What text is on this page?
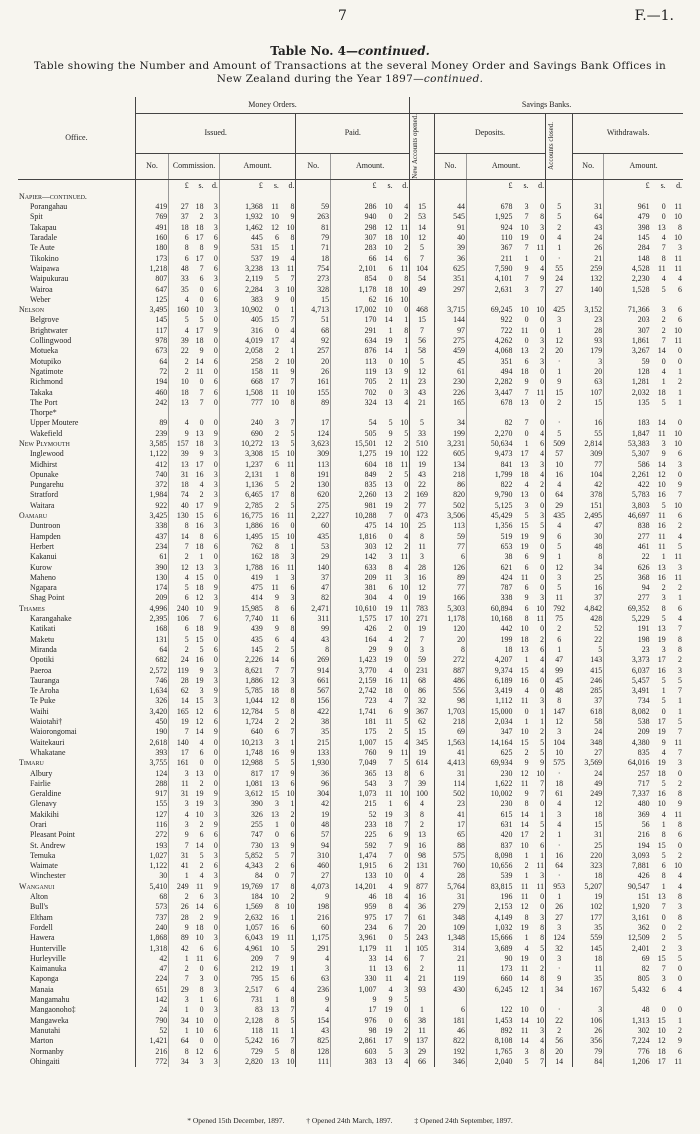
7	F.—1.
Table No. 4—continued.
Table showing the Number and Amount of Transactions at the several Money Order and Savings Bank Offices in New Zealand during the Year 1897—continued.
Office.	Money Orders.											Savings Banks.									
	Issued.							Paid.				New Accounts opened.	Deposits.				Accounts closed.	Withdrawals.			
	No.	Commission.			Amount.			No.	Amount.				No.	Amount.				No.	Amount.		
		£	s.	d.	£	s.	d.		£	s.	d.			£	s.	d.			£	s.	d.
Napier—continued.																					
Porangahau	419	27	18	3	1,368	11	8	59	286	10	4	15	44	678	3	0	5	31	961	0	11
Spit	769	37	2	3	1,932	10	9	263	940	0	2	53	545	1,925	7	8	5	64	479	0	10
Takapau	491	18	18	3	1,462	12	10	81	298	12	11	14	91	924	10	3	2	43	398	13	8
Taradale	160	6	17	6	445	6	8	79	307	18	10	12	40	110	19	0	4	24	145	4	10
Te Aute	180	8	8	9	531	15	1	71	283	10	2	5	39	367	7	11	1	26	284	7	3
Tikokino	173	6	17	0	537	19	4	18	66	14	6	7	36	211	1	0	·	21	148	8	11
Waipawa	1,218	48	7	6	3,238	13	11	754	2,101	6	11	104	625	7,590	9	4	55	259	4,528	11	11
Waipukurau	807	33	6	3	2,119	5	7	273	854	0	8	54	351	4,101	7	9	24	132	2,230	4	4
Wairoa	647	35	0	6	2,284	3	10	328	1,178	18	10	49	297	2,631	3	7	27	140	1,528	5	6
Weber	125	4	0	6	383	9	0	15	62	16	10										
Nelson	3,495	160	10	3	10,902	0	1	4,713	17,002	10	0	468	3,715	69,245	10	10	425	3,152	71,366	3	6
Belgrove	145	5	5	0	405	15	7	51	170	14	1	15	144	922	0	0	3	23	203	2	6
Brightwater	117	4	17	9	316	0	4	68	291	1	8	7	97	722	11	0	1	28	307	2	10
Collingwood	978	39	18	0	4,019	17	4	92	634	19	1	56	275	4,262	0	3	12	93	1,861	7	11
Motueka	673	22	9	0	2,058	2	1	257	876	14	1	58	459	4,068	13	2	20	179	3,267	14	0
Motupiko	64	2	14	6	258	2	10	20	113	0	10	5	45	351	6	3	·	3	59	0	0
Ngatimote	72	2	11	0	158	11	9	26	119	13	9	12	61	494	18	0	1	20	128	4	1
Richmond	194	10	0	6	668	17	7	161	705	2	11	23	230	2,282	9	0	9	63	1,281	1	2
Takaka	460	18	7	6	1,508	11	10	155	702	0	3	43	226	3,447	7	11	15	107	2,032	18	1
The Port	242	13	7	0	777	10	8	89	324	13	4	21	165	678	13	0	2	15	135	5	1
Thorpe*																					
Upper Moutere	89	4	0	0	240	3	7	17	54	5	10	5	34	82	7	0	·	16	183	14	0
Wakefield	239	9	13	9	690	2	5	124	505	9	5	33	199	2,270	0	4	5	55	1,847	11	10
New Plymouth	3,585	157	18	3	10,272	13	5	3,623	15,501	12	2	510	3,231	50,634	1	6	509	2,814	53,383	3	10
Inglewood	1,122	39	9	3	3,308	15	10	309	1,275	19	10	122	605	9,473	17	4	57	309	5,307	9	6
Midhirst	412	13	17	0	1,237	6	11	113	604	18	11	19	134	841	13	3	10	77	586	14	3
Opunake	740	31	16	3	2,131	1	8	191	849	2	5	43	218	1,799	18	4	16	104	2,261	12	0
Pungarehu	372	18	4	3	1,136	5	2	130	835	13	0	22	86	822	4	2	4	42	422	10	9
Stratford	1,984	74	2	3	6,465	17	8	620	2,260	13	2	169	820	9,790	13	0	64	378	5,783	16	7
Waitara	922	40	17	9	2,785	2	5	275	981	19	2	77	502	5,125	3	0	29	151	3,803	5	10
Oamaru	3,425	130	15	6	16,775	16	11	2,227	10,288	7	0	473	3,506	45,429	5	3	435	2,495	46,697	11	6
Duntroon	338	8	16	3	1,886	16	0	60	475	14	10	25	113	1,356	15	5	4	47	838	16	2
Hampden	437	14	8	6	1,495	15	10	435	1,816	0	4	8	59	519	19	9	6	30	277	11	4
Herbert	234	7	18	6	762	8	1	53	303	12	2	11	77	653	19	0	5	48	461	11	5
Kakanui	61	2	1	0	162	18	3	29	142	3	11	3	6	38	6	9	1	8	22	1	11
Kurow	390	12	13	3	1,788	16	11	140	633	8	4	28	126	621	6	0	12	34	626	13	3
Maheno	130	4	15	0	419	1	3	37	209	11	3	16	89	424	11	0	3	25	368	16	11
Ngapara	174	5	18	9	475	11	6	47	381	6	10	12	77	787	6	0	5	16	94	2	2
Shag Point	209	6	12	3	414	9	3	82	304	4	0	19	166	338	9	3	11	37	277	3	1
Thames	4,996	240	10	9	15,985	8	6	2,471	10,610	19	11	783	5,303	60,894	6	10	792	4,842	69,352	8	6
Karangahake	2,395	106	7	6	7,740	11	6	311	1,575	17	10	271	1,178	10,168	8	11	75	428	5,229	5	4
Katikati	168	6	18	9	439	9	8	99	426	2	0	19	120	442	10	0	2	52	191	13	7
Maketu	131	5	15	0	435	6	4	43	164	4	2	7	20	199	18	2	6	22	198	19	8
Miranda	64	2	5	6	145	2	5	8	29	9	0	3	8	18	13	6	1	5	23	3	8
Opotiki	682	24	16	0	2,226	14	6	269	1,423	19	0	59	272	4,207	1	4	47	143	3,373	17	2
Paeroa	2,572	119	9	3	8,621	7	7	914	3,770	4	0	231	887	9,374	15	4	99	415	6,037	16	3
Tauranga	746	28	19	3	1,886	12	3	661	2,159	16	11	68	486	6,189	16	0	45	246	5,457	5	5
Te Aroha	1,634	62	3	9	5,785	18	8	567	2,742	18	0	86	556	3,419	4	0	48	285	3,491	1	7
Te Puke	326	14	15	3	1,044	12	8	156	723	4	7	32	98	1,112	11	3	8	37	734	5	1
Waihi	3,420	165	12	6	12,784	5	8	422	1,741	6	9	367	1,703	15,000	0	1	147	618	8,082	0	1
Waiotahi†	450	19	12	6	1,724	2	2	38	181	11	5	62	218	2,034	1	1	12	58	538	17	5
Waiorongomai	190	7	14	9	640	6	7	35	175	2	5	15	69	347	10	2	3	24	209	19	7
Waitekauri	2,618	140	4	0	10,213	3	1	215	1,007	15	4	345	1,563	14,164	15	5	104	348	4,380	9	11
Whakatane	393	17	6	0	1,748	16	9	133	760	9	11	19	41	625	2	5	10	27	835	4	7
Timaru	3,755	161	0	0	12,988	5	5	1,930	7,049	7	5	614	4,413	69,934	9	9	575	3,569	64,016	19	3
Albury	124	3	13	0	817	17	9	36	365	13	8	6	31	230	12	10	·	24	257	18	0
Fairlie	288	11	2	0	1,081	13	6	96	543	3	7	39	114	1,622	11	7	18	49	717	5	2
Geraldine	917	31	19	9	3,612	15	10	304	1,073	11	10	100	502	10,002	9	7	61	249	7,337	16	8
Glenavy	155	3	19	3	390	3	1	42	215	1	6	4	23	230	8	0	4	12	480	10	9
Makikihi	127	4	10	3	326	13	2	19	52	19	3	8	41	615	14	1	3	18	369	4	11
Orari	116	3	2	9	255	1	0	48	233	18	7	2	17	631	14	5	4	15	56	1	8
Pleasant Point	272	9	6	6	747	0	6	57	225	6	9	13	65	420	17	2	1	31	216	8	6
St. Andrew	193	7	14	0	730	13	9	94	592	7	9	16	88	837	10	6	·	25	194	15	0
Temuka	1,027	31	5	3	5,852	5	7	310	1,474	7	0	98	575	8,098	1	1	16	220	3,093	5	2
Waimate	1,122	41	2	6	4,343	2	6	460	1,915	6	2	131	760	10,656	2	11	64	323	7,881	6	10
Winchester	30	1	4	3	84	0	7	27	133	10	0	4	28	539	1	3	·	18	426	8	4
Wanganui	5,410	249	11	9	19,769	17	8	4,073	14,201	4	9	877	5,764	83,815	11	11	953	5,207	90,547	1	4
Alton	68	2	6	3	184	10	2	9	46	18	4	16	31	196	11	0	1	19	151	13	8
Bull's	573	26	14	6	1,569	8	10	198	959	8	4	36	279	2,153	12	0	26	102	1,920	7	3
Eltham	737	28	2	9	2,632	16	1	216	975	17	7	61	348	4,149	8	3	27	177	3,161	0	8
Fordell	240	9	18	0	1,057	16	6	60	234	6	7	20	109	1,032	19	8	3	35	362	0	2
Hawera	1,868	89	10	3	6,043	19	11	1,175	3,961	0	5	243	1,348	15,666	1	8	124	559	12,509	2	5
Hunterville	1,318	42	6	6	4,961	10	5	291	1,179	11	1	105	314	3,689	4	5	32	145	2,401	2	3
Hurleyville	42	1	11	6	209	7	9	4	33	14	6	7	21	90	19	0	3	18	69	15	5
Kaimanuka	47	2	0	6	212	19	1	3	11	13	6	2	11	173	11	2	·	11	82	7	0
Kaponga	224	7	3	0	795	15	6	63	330	11	4	21	119	660	14	8	9	35	805	3	0
Manaia	651	29	8	3	2,517	6	4	236	1,007	4	3	93	430	6,245	12	1	34	167	5,432	6	4
Mangamahu	142	3	1	6	731	1	8	9	9	9	5										
Mangaonoho‡	24	1	0	3	83	13	7	4	17	19	0	1	6	122	10	0	·	3	48	0	0
Mangaweka	790	34	10	0	2,128	8	5	154	976	0	6	38	181	1,453	14	10	22	106	1,313	15	1
Manutahi	52	1	10	6	118	11	1	43	98	19	2	11	46	892	11	3	2	26	302	10	2
Marton	1,421	64	0	0	5,242	16	7	825	2,861	17	9	137	822	8,108	14	4	56	356	7,224	12	9
Normanby	216	8	12	6	729	5	8	128	603	5	3	29	192	1,765	3	8	20	79	776	18	6
Ohingaiti	772	34	3	3	2,820	13	10	111	383	13	4	66	346	2,040	5	7	14	84	1,206	17	11
* Opened 15th December, 1897.	† Opened 24th March, 1897.	‡ Opened 24th September, 1897.
